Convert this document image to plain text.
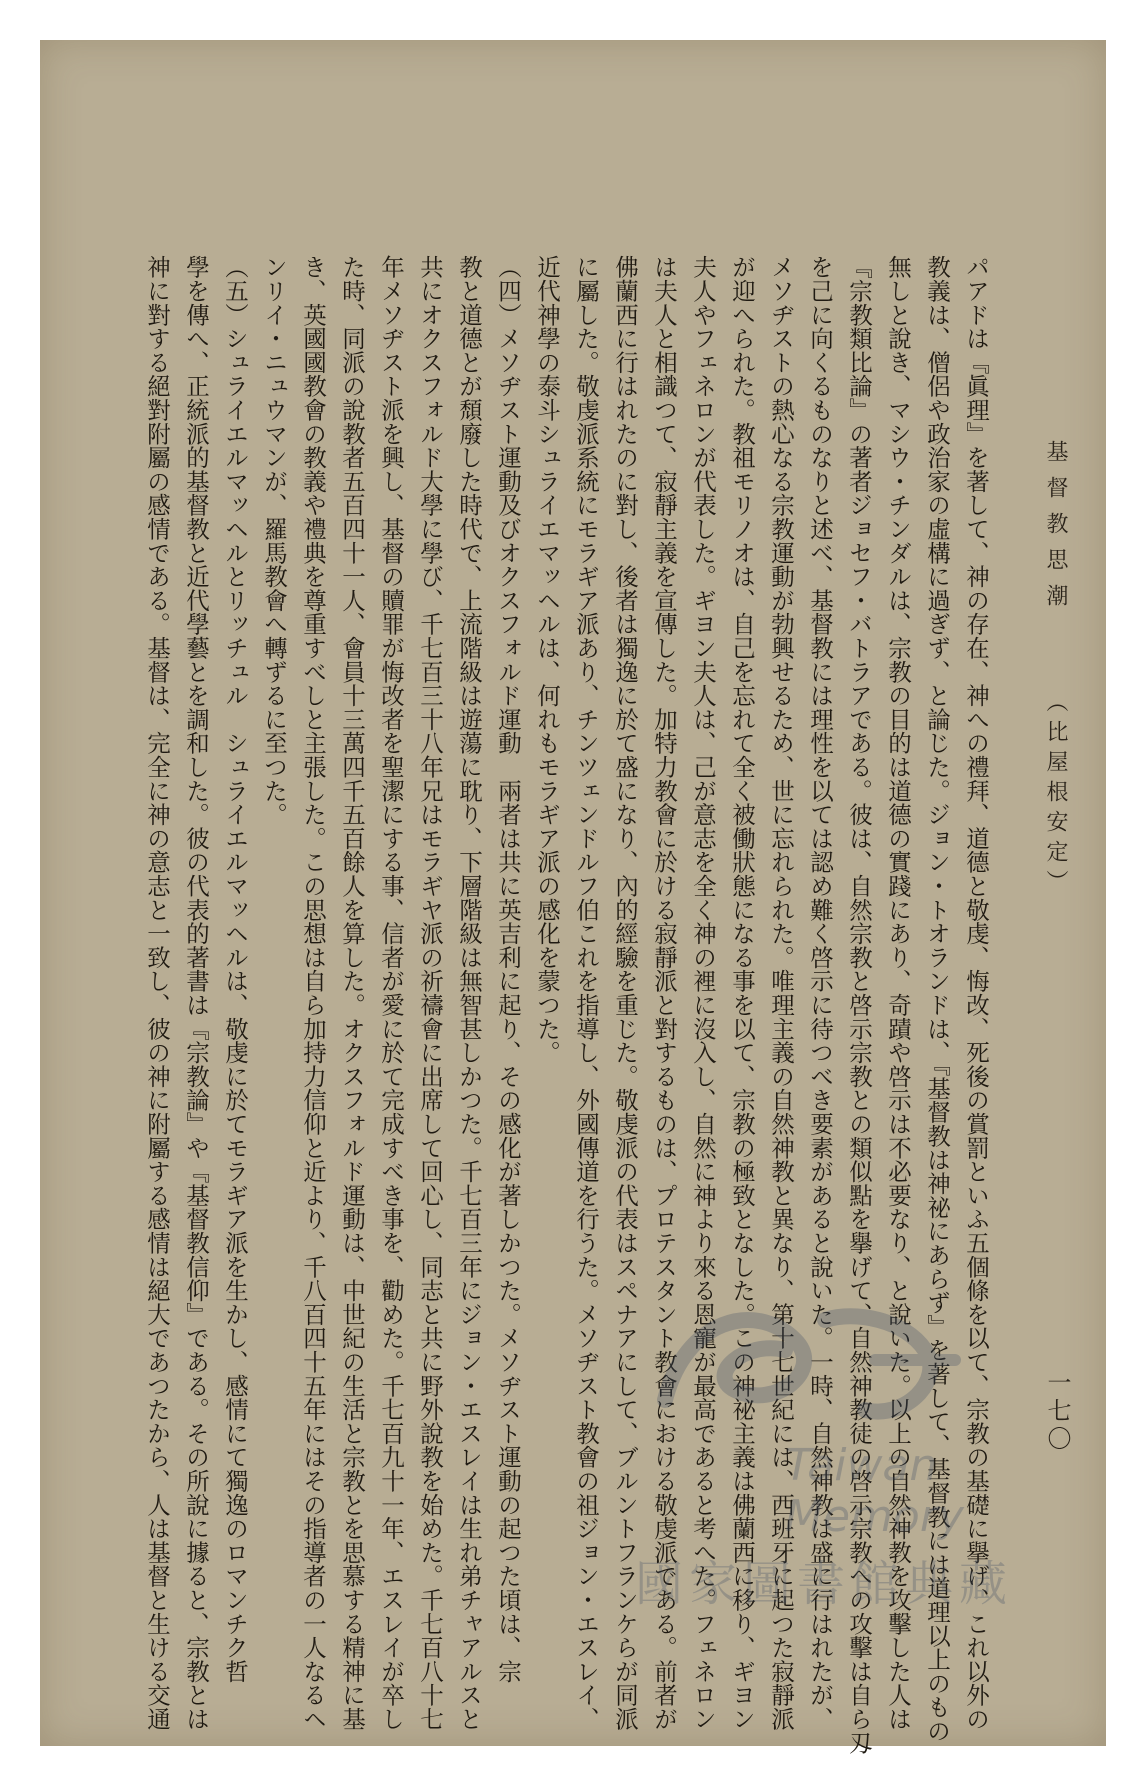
基督教思潮
（比屋根安定）
一七〇
パアドは『眞理』を著して、神の存在、神への禮拜、道德と敬虔、悔改、死後の賞罰といふ五個條を以て、宗教の基礎に擧げ、これ以外の
教義は、僧侶や政治家の虛構に過ぎず、と論じた。ジョン・トオランドは、『基督教は神祕にあらず』を著して、基督教には道理以上のもの
無しと說き、マシウ・チンダルは、宗教の目的は道德の實踐にあり、奇蹟や啓示は不必要なり、と說いた。以上の自然神教を攻擊した人は
『宗教類比論』の著者ジョセフ・バトラアである。彼は、自然宗教と啓示宗教との類似點を擧げて、自然神教徒の啓示宗教への攻擊は自ら刄
を己に向くるものなりと述べ、基督教には理性を以ては認め難く啓示に待つべき要素があると說いた。一時、自然神教は盛に行はれたが、
メソヂストの熱心なる宗教運動が勃興せるため、世に忘れられた。唯理主義の自然神教と異なり、第十七世紀には、西班牙に起つた寂靜派
が迎へられた。教祖モリノオは、自己を忘れて全く被働狀態になる事を以て、宗教の極致となした。この神祕主義は佛蘭西に移り、ギヨン
夫人やフェネロンが代表した。ギヨン夫人は、己が意志を全く神の裡に沒入し、自然に神より來る恩寵が最高であると考へた。フェネロン
は夫人と相識つて、寂靜主義を宣傳した。加特力教會に於ける寂靜派と對するものは、プロテスタント教會における敬虔派である。前者が
佛蘭西に行はれたのに對し、後者は獨逸に於て盛になり、內的經驗を重じた。敬虔派の代表はスペナアにして、ブルントフランケらが同派
に屬した。敬虔派系統にモラギア派あり、チンツェンドルフ伯これを指導し、外國傳道を行うた。メソヂスト教會の祖ジョン・エスレイ、
近代神學の泰斗シュライエマッヘルは、何れもモラギア派の感化を蒙つた。
（四）メソヂスト運動及びオクスフォルド運動　兩者は共に英吉利に起り、その感化が著しかつた。メソヂスト運動の起つた頃は、宗
教と道德とが頹廢した時代で、上流階級は遊蕩に耽り、下層階級は無智甚しかつた。千七百三年にジョン・エスレイは生れ弟チャアルスと
共にオクスフォルド大學に學び、千七百三十八年兄はモラギヤ派の祈禱會に出席して回心し、同志と共に野外說教を始めた。千七百八十七
年メソヂスト派を興し、基督の贖罪が悔改者を聖潔にする事、信者が愛に於て完成すべき事を、勸めた。千七百九十一年、エスレイが卒し
た時、同派の說教者五百四十一人、會員十三萬四千五百餘人を算した。オクスフォルド運動は、中世紀の生活と宗教とを思慕する精神に基
き、英國國教會の教義や禮典を尊重すべしと主張した。この思想は自ら加持力信仰と近より、千八百四十五年にはその指導者の一人なるヘ
ンリイ・ニュウマンが、羅馬教會へ轉ずるに至つた。
（五）シュライエルマッヘルとリッチュル　シュライエルマッヘルは、敬虔に於てモラギア派を生かし、感情にて獨逸のロマンチク哲
學を傳へ、正統派的基督教と近代學藝とを調和した。彼の代表的著書は『宗教論』や『基督教信仰』である。その所說に據ると、宗教とは
神に對する絕對附屬の感情である。基督は、完全に神の意志と一致し、彼の神に附屬する感情は絕大であつたから、人は基督と生ける交通	Taiwan Memory
國家圖書館典藏
